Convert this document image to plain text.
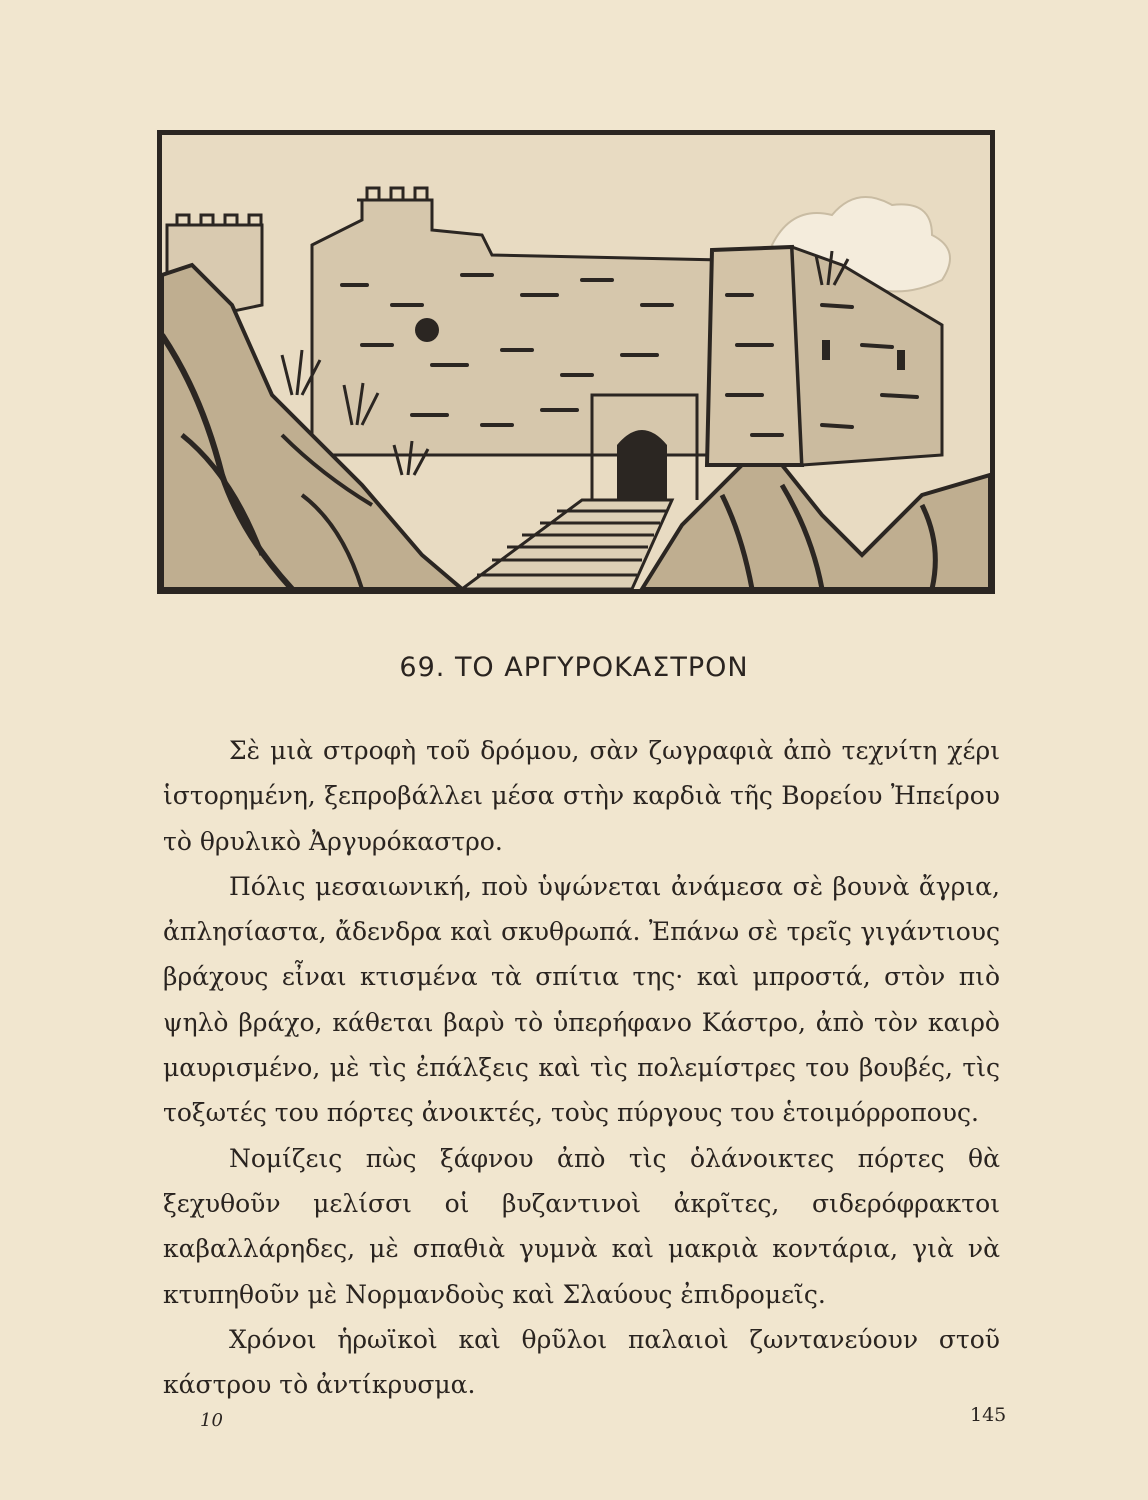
69. ΤΟ ΑΡΓΥΡΟΚΑΣΤΡΟΝ

Σὲ μιὰ στροφὴ τοῦ δρόμου, σὰν ζωγραφιὰ ἀπὸ τεχνίτη χέρι ἱστορημένη, ξεπροβάλλει μέσα στὴν καρδιὰ τῆς Βορείου Ἠπείρου τὸ θρυλικὸ Ἀργυρόκαστρο.

Πόλις μεσαιωνική, ποὺ ὑψώνεται ἀνάμεσα σὲ βουνὰ ἄγρια, ἀπλησίαστα, ἄδενδρα καὶ σκυθρωπά. Ἐπάνω σὲ τρεῖς γιγάντιους βράχους εἶναι κτισμένα τὰ σπίτια της· καὶ μπροστά, στὸν πιὸ ψηλὸ βράχο, κάθεται βαρὺ τὸ ὑπερήφανο Κάστρο, ἀπὸ τὸν καιρὸ μαυρισμένο, μὲ τὶς ἐπάλξεις καὶ τὶς πολεμίστρες του βουβές, τὶς τοξωτές του πόρτες ἀνοικτές, τοὺς πύργους του ἑτοιμόρροπους.

Νομίζεις πὼς ξάφνου ἀπὸ τὶς ὁλάνοικτες πόρτες θὰ ξεχυθοῦν μελίσσι οἱ βυζαντινοὶ ἀκρῖτες, σιδερόφρακτοι καβαλλάρηδες, μὲ σπαθιὰ γυμνὰ καὶ μακριὰ κοντάρια, γιὰ νὰ κτυπηθοῦν μὲ Νορμανδοὺς καὶ Σλαύους ἐπιδρομεῖς.

Χρόνοι ἡρωϊκοὶ καὶ θρῦλοι παλαιοὶ ζωντανεύουν στοῦ κάστρου τὸ ἀντίκρυσμα.

10	145
